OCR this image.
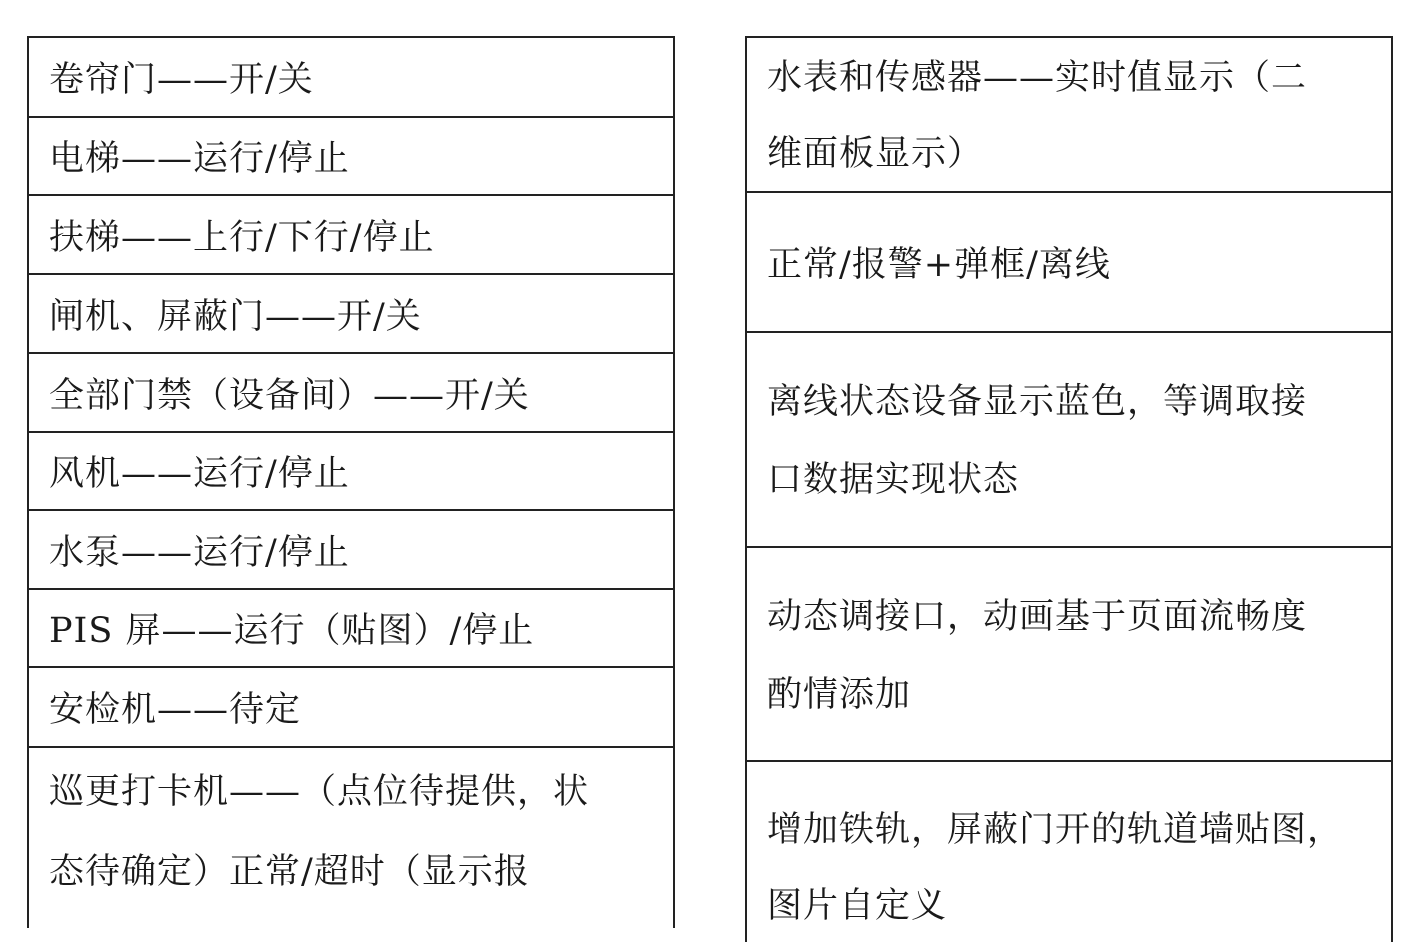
卷帘门——开/关
电梯——运行/停止
扶梯——上行/下行/停止
闸机、屏蔽门——开/关
全部门禁（设备间）——开/关
风机——运行/停止
水泵——运行/停止
PIS 屏——运行（贴图）/停止
安检机——待定
巡更打卡机——（点位待提供，状
态待确定）正常/超时（显示报
水表和传感器——实时值显示（二
维面板显示）
正常/报警+弹框/离线
离线状态设备显示蓝色，等调取接
口数据实现状态
动态调接口，动画基于页面流畅度
酌情添加
增加铁轨，屏蔽门开的轨道墙贴图，
图片自定义
